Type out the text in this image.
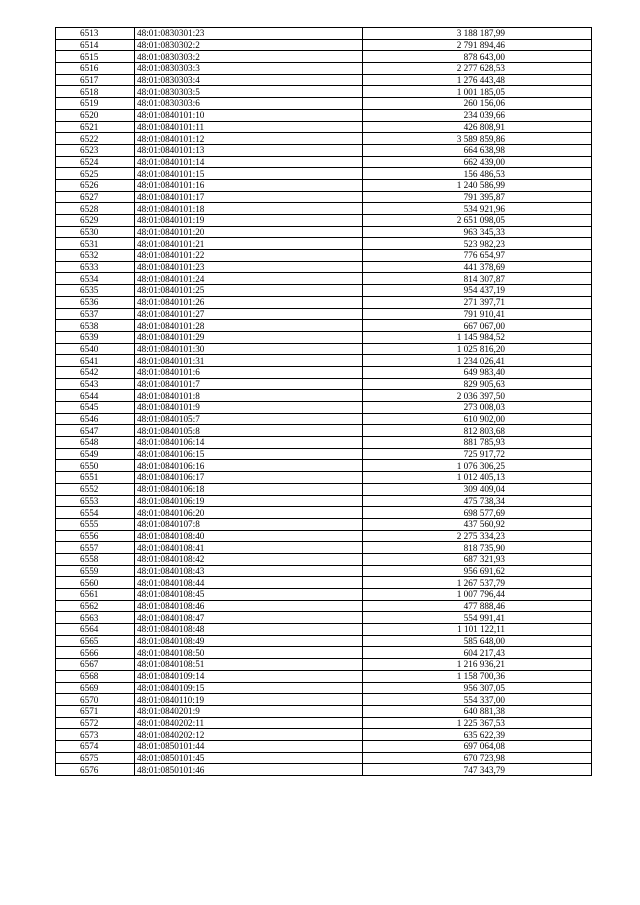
6513	48:01:0830301:23	3 188 187,99
6514	48:01:0830302:2	2 791 894,46
6515	48:01:0830303:2	878 643,00
6516	48:01:0830303:3	2 277 628,53
6517	48:01:0830303:4	1 276 443,48
6518	48:01:0830303:5	1 001 185,05
6519	48:01:0830303:6	260 156,06
6520	48:01:0840101:10	234 039,66
6521	48:01:0840101:11	426 808,91
6522	48:01:0840101:12	3 589 859,86
6523	48:01:0840101:13	664 638,98
6524	48:01:0840101:14	662 439,00
6525	48:01:0840101:15	156 486,53
6526	48:01:0840101:16	1 240 586,99
6527	48:01:0840101:17	791 395,87
6528	48:01:0840101:18	534 921,96
6529	48:01:0840101:19	2 651 098,05
6530	48:01:0840101:20	963 345,33
6531	48:01:0840101:21	523 982,23
6532	48:01:0840101:22	776 654,97
6533	48:01:0840101:23	441 378,69
6534	48:01:0840101:24	814 307,87
6535	48:01:0840101:25	954 437,19
6536	48:01:0840101:26	271 397,71
6537	48:01:0840101:27	791 910,41
6538	48:01:0840101:28	667 067,00
6539	48:01:0840101:29	1 145 984,52
6540	48:01:0840101:30	1 025 816,20
6541	48:01:0840101:31	1 234 026,41
6542	48:01:0840101:6	649 983,40
6543	48:01:0840101:7	829 905,63
6544	48:01:0840101:8	2 036 397,50
6545	48:01:0840101:9	273 008,03
6546	48:01:0840105:7	610 902,00
6547	48:01:0840105:8	812 803,68
6548	48:01:0840106:14	881 785,93
6549	48:01:0840106:15	725 917,72
6550	48:01:0840106:16	1 076 306,25
6551	48:01:0840106:17	1 012 405,13
6552	48:01:0840106:18	309 409,04
6553	48:01:0840106:19	475 738,34
6554	48:01:0840106:20	698 577,69
6555	48:01:0840107:8	437 560,92
6556	48:01:0840108:40	2 275 334,23
6557	48:01:0840108:41	818 735,90
6558	48:01:0840108:42	687 321,93
6559	48:01:0840108:43	956 691,62
6560	48:01:0840108:44	1 267 537,79
6561	48:01:0840108:45	1 007 796,44
6562	48:01:0840108:46	477 888,46
6563	48:01:0840108:47	554 991,41
6564	48:01:0840108:48	1 101 122,11
6565	48:01:0840108:49	585 648,00
6566	48:01:0840108:50	604 217,43
6567	48:01:0840108:51	1 216 936,21
6568	48:01:0840109:14	1 158 700,36
6569	48:01:0840109:15	956 307,05
6570	48:01:0840110:19	554 337,00
6571	48:01:0840201:9	640 881,38
6572	48:01:0840202:11	1 225 367,53
6573	48:01:0840202:12	635 622,39
6574	48:01:0850101:44	697 064,08
6575	48:01:0850101:45	670 723,98
6576	48:01:0850101:46	747 343,79
